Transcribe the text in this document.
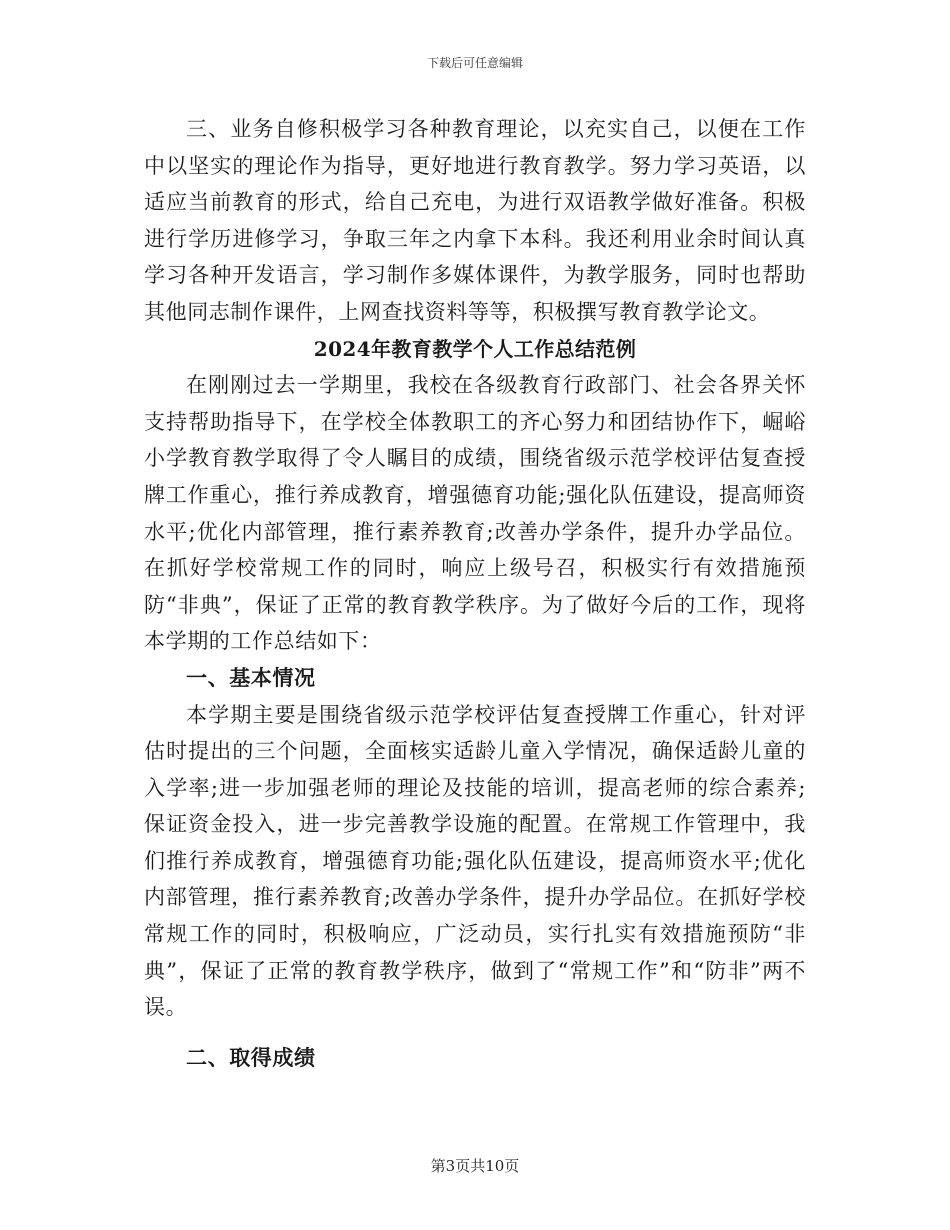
下载后可任意编辑

三、业务自修积极学习各种教育理论，以充实自己，以便在工作中以坚实的理论作为指导，更好地进行教育教学。努力学习英语，以适应当前教育的形式，给自己充电，为进行双语教学做好准备。积极进行学历进修学习，争取三年之内拿下本科。我还利用业余时间认真学习各种开发语言，学习制作多媒体课件，为教学服务，同时也帮助其他同志制作课件，上网查找资料等等，积极撰写教育教学论文。

2024年教育教学个人工作总结范例

在刚刚过去一学期里，我校在各级教育行政部门、社会各界关怀支持帮助指导下，在学校全体教职工的齐心努力和团结协作下，崛峪小学教育教学取得了令人瞩目的成绩，围绕省级示范学校评估复查授牌工作重心，推行养成教育，增强德育功能;强化队伍建设，提高师资水平;优化内部管理，推行素养教育;改善办学条件，提升办学品位。在抓好学校常规工作的同时，响应上级号召，积极实行有效措施预防“非典”，保证了正常的教育教学秩序。为了做好今后的工作，现将本学期的工作总结如下：

一、基本情况

本学期主要是围绕省级示范学校评估复查授牌工作重心，针对评估时提出的三个问题，全面核实适龄儿童入学情况，确保适龄儿童的入学率;进一步加强老师的理论及技能的培训，提高老师的综合素养;保证资金投入，进一步完善教学设施的配置。在常规工作管理中，我们推行养成教育，增强德育功能;强化队伍建设，提高师资水平;优化内部管理，推行素养教育;改善办学条件，提升办学品位。在抓好学校常规工作的同时，积极响应，广泛动员，实行扎实有效措施预防“非典”，保证了正常的教育教学秩序，做到了“常规工作”和“防非”两不误。

二、取得成绩

第3页共10页
